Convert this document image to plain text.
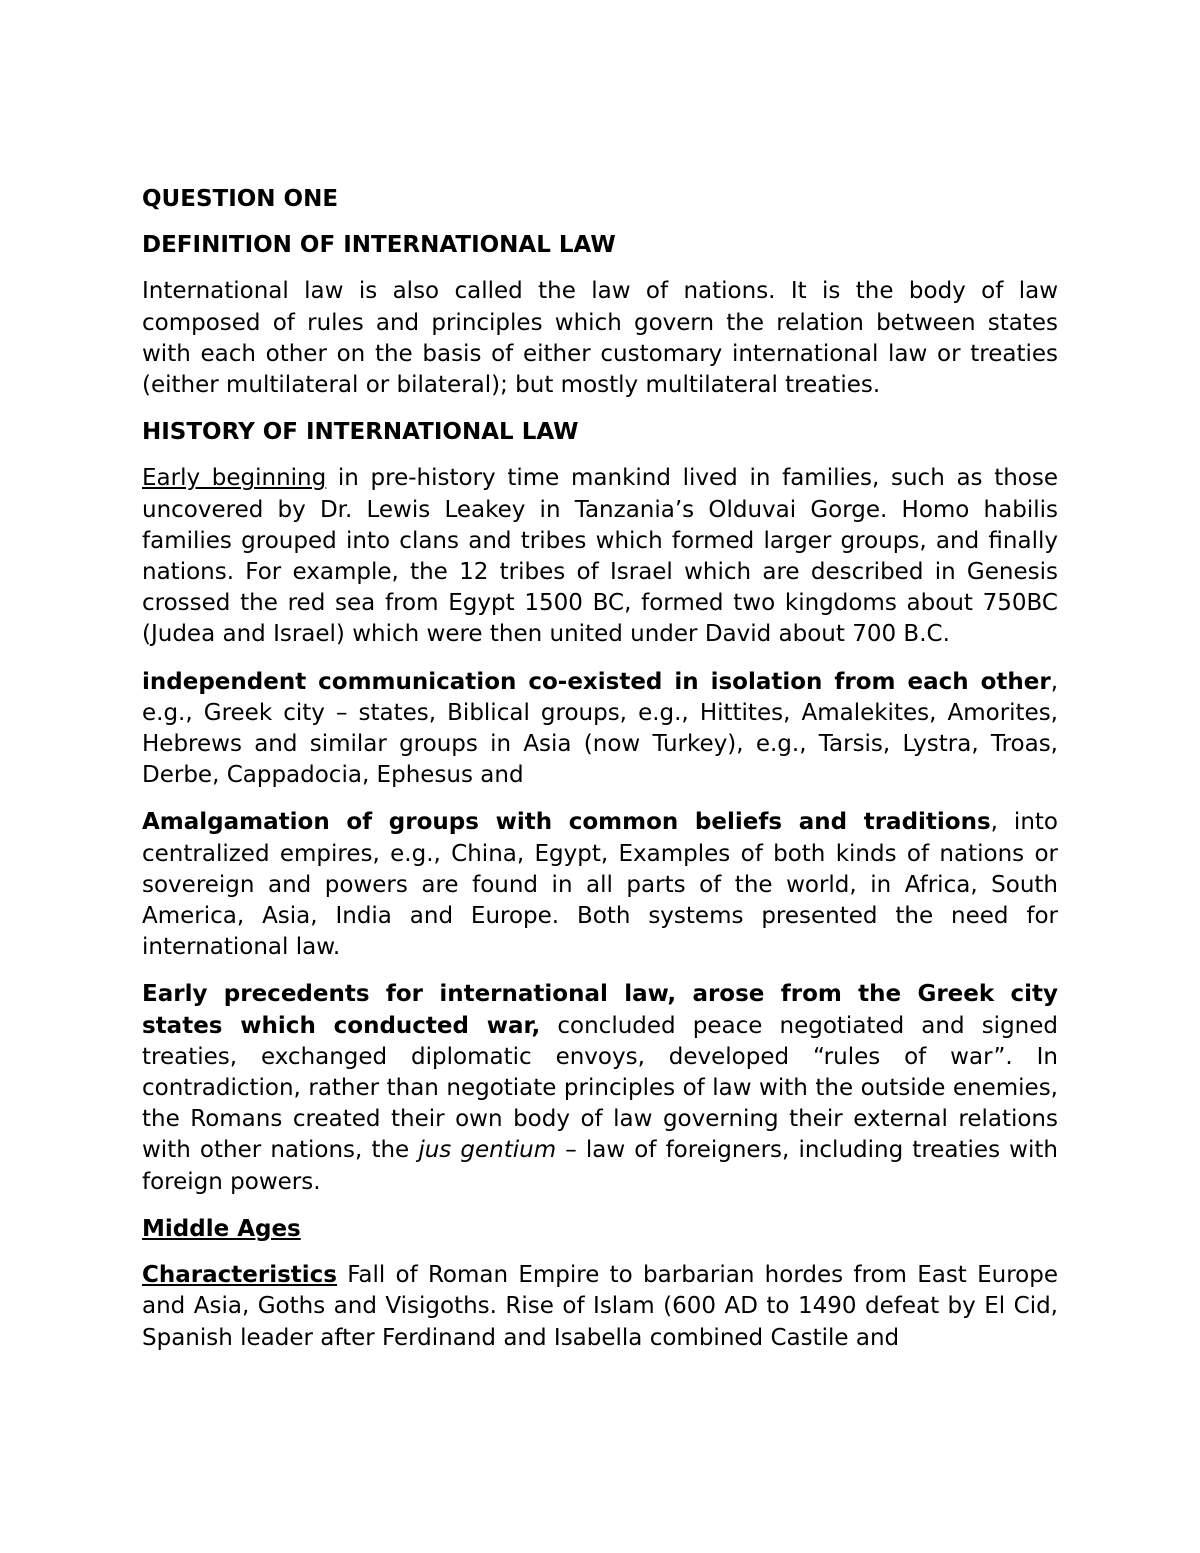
QUESTION ONE

DEFINITION OF INTERNATIONAL LAW

International law is also called the law of nations. It is the body of law composed of rules and principles which govern the relation between states with each other on the basis of either customary international law or treaties (either multilateral or bilateral); but mostly multilateral treaties.

HISTORY OF INTERNATIONAL LAW

Early beginning in pre-history time mankind lived in families, such as those uncovered by Dr. Lewis Leakey in Tanzania’s Olduvai Gorge. Homo habilis families grouped into clans and tribes which formed larger groups, and finally nations. For example, the 12 tribes of Israel which are described in Genesis crossed the red sea from Egypt 1500 BC, formed two kingdoms about 750BC (Judea and Israel) which were then united under David about 700 B.C.

independent communication co-existed in isolation from each other, e.g., Greek city – states, Biblical groups, e.g., Hittites, Amalekites, Amorites, Hebrews and similar groups in Asia (now Turkey), e.g., Tarsis, Lystra, Troas, Derbe, Cappadocia, Ephesus and

Amalgamation of groups with common beliefs and traditions, into centralized empires, e.g., China, Egypt, Examples of both kinds of nations or sovereign and powers are found in all parts of the world, in Africa, South America, Asia, India and Europe. Both systems presented the need for international law.

Early precedents for international law, arose from the Greek city states which conducted war, concluded peace negotiated and signed treaties, exchanged diplomatic envoys, developed “rules of war”. In contradiction, rather than negotiate principles of law with the outside enemies, the Romans created their own body of law governing their external relations with other nations, the jus gentium – law of foreigners, including treaties with foreign powers.

Middle Ages

Characteristics Fall of Roman Empire to barbarian hordes from East Europe and Asia, Goths and Visigoths. Rise of Islam (600 AD to 1490 defeat by El Cid, Spanish leader after Ferdinand and Isabella combined Castile and
